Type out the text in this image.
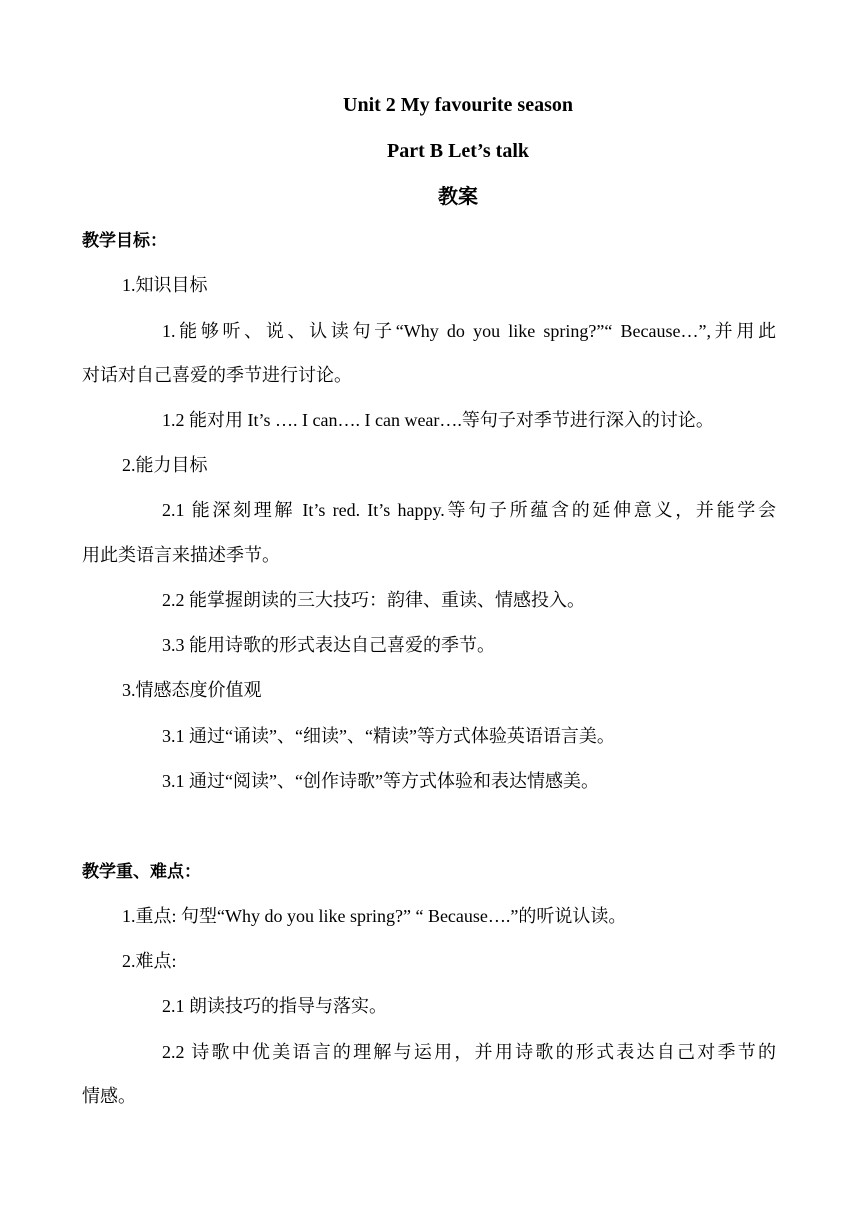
Unit 2 My favourite season
Part B Let’s talk
教案
教学目标：
1.知识目标
1.能够听、说、认读句子“Why do you like spring?”“ Because…”,并用此
对话对自己喜爱的季节进行讨论。
1.2 能对用 It’s …. I can…. I can wear….等句子对季节进行深入的讨论。
2.能力目标
2.1 能深刻理解 It’s red. It’s happy.等句子所蕴含的延伸意义，并能学会
用此类语言来描述季节。
2.2 能掌握朗读的三大技巧：韵律、重读、情感投入。
3.3 能用诗歌的形式表达自己喜爱的季节。
3.情感态度价值观
3.1 通过“诵读”、“细读”、“精读”等方式体验英语语言美。
3.1 通过“阅读”、“创作诗歌”等方式体验和表达情感美。
教学重、难点：
1.重点: 句型“Why do you like spring?” “ Because….”的听说认读。
2.难点:
2.1 朗读技巧的指导与落实。
2.2 诗歌中优美语言的理解与运用，并用诗歌的形式表达自己对季节的
情感。
